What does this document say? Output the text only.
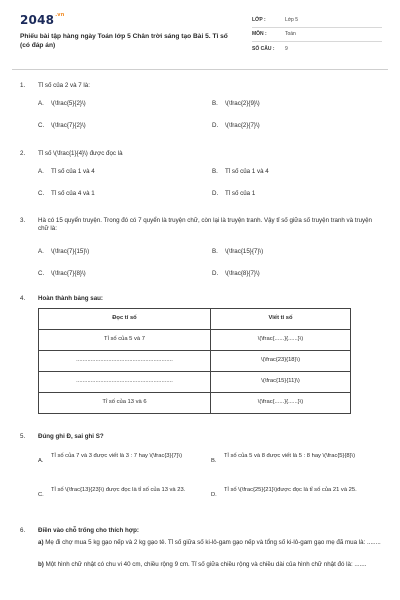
$2048^{.vn}$
Phiếu bài tập hàng ngày Toán lớp 5 Chân trời sáng tạo Bài 5. Tỉ số (có đáp án)
LỚP :	Lớp 5
MÔN :	Toán
SỐ CÂU :	9
1. Tỉ số của 2 và 7 là:
A. \(\frac{5}{2}\)	B. \(\frac{2}{9}\)
C. \(\frac{7}{2}\)	D. \(\frac{2}{7}\)
2. Tỉ số \(\frac{1}{4}\) được đọc là
A. Tỉ số của 1 và 4	B. Tỉ số của 1 và 4
C. Tỉ số của 4 và 1	D. Tỉ số của 1
3. Hà có 15 quyển truyện. Trong đó có 7 quyển là truyện chữ, còn lại là truyện tranh. Vậy tỉ số giữa số truyện tranh và truyện chữ là:
A. \(\frac{7}{15}\)	B. \(\frac{15}{7}\)
C. \(\frac{7}{8}\)	D. \(\frac{8}{7}\)
4. Hoàn thành bảng sau:
Đọc tỉ số	Viết tỉ số
Tỉ số của 5 và 7	\(\frac{......}{......}\)
............................................................	\(\frac{23}{18}\)
............................................................	\(\frac{15}{11}\)
Tỉ số của 13 và 6	\(\frac{......}{......}\)
5. Đúng ghi Đ, sai ghi S?
A.
Tỉ số của 7 và 3 được viết là 3 : 7 hay \(\frac{3}{7}\)
B.
Tỉ số của 5 và 8 được viết là 5 : 8 hay \(\frac{5}{8}\)
C.
Tỉ số \(\frac{13}{23}\) được đọc là tỉ số của 13 và 23.
D.
Tỉ số \(\frac{25}{21}\)được đọc là tỉ số của 21 và 25.
6. Điền vào chỗ trống cho thích hợp:
a) Mẹ đi chợ mua 5 kg gạo nếp và 2 kg gạo tẻ. Tỉ số giữa số ki-lô-gam gạo nếp và tổng số ki-lô-gam gạo mẹ đã mua là: ........
b) Một hình chữ nhật có chu vi 40 cm, chiều rộng 9 cm. Tỉ số giữa chiều rộng và chiều dài của hình chữ nhật đó là: .......
